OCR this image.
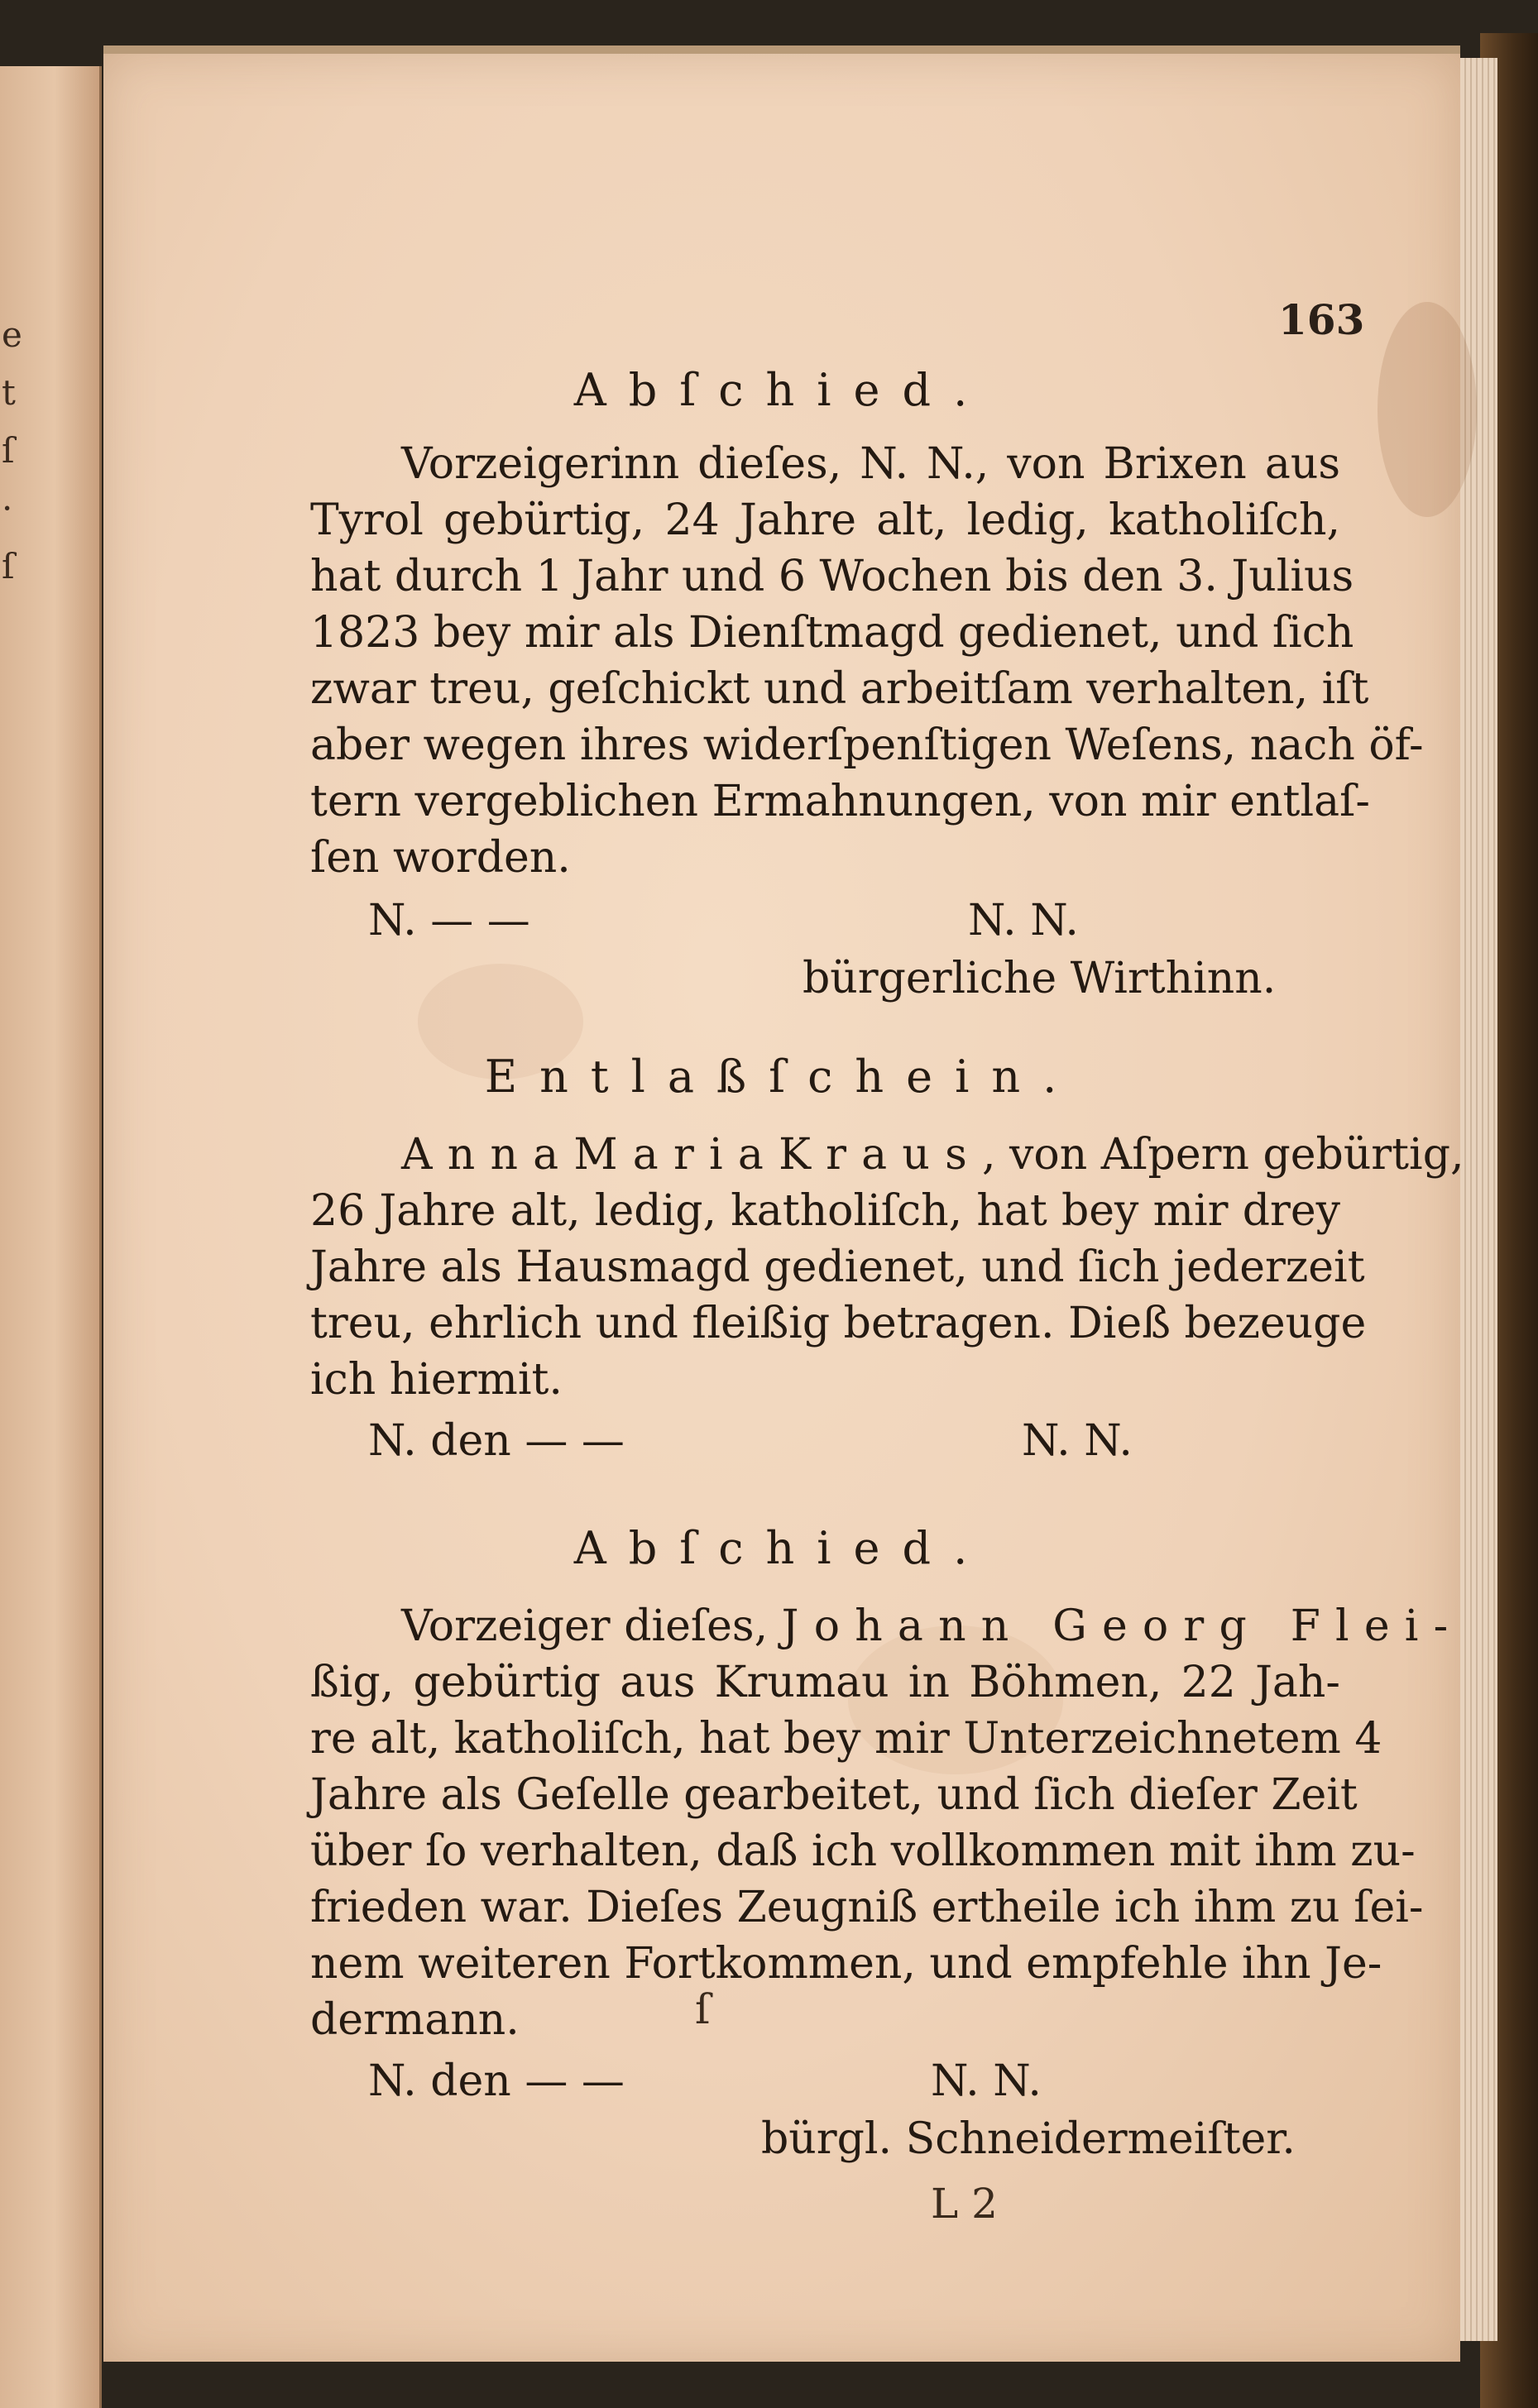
e
t
ſ
·
ſ
163
Abſchied.
Vorzeigerinn dieſes, N. N., von Brixen aus
Tyrol gebürtig, 24 Jahre alt, ledig, katholiſch,
hat durch 1 Jahr und 6 Wochen bis den 3. Julius
1823 bey mir als Dienſtmagd gedienet, und ſich
zwar treu, geſchickt und arbeitſam verhalten, iſt
aber wegen ihres widerſpenſtigen Weſens, nach öf-
tern vergeblichen Ermahnungen, von mir entlaſ-
ſen worden.
N. — —	N. N.
bürgerliche Wirthinn.
Entlaßſchein.
AnnaMariaKraus, von Aſpern gebürtig,
26 Jahre alt, ledig, katholiſch, hat bey mir drey
Jahre als Hausmagd gedienet, und ſich jederzeit
treu, ehrlich und fleißig betragen. Dieß bezeuge
ich hiermit.
N. den — —	N. N.
Abſchied.
Vorzeiger dieſes, Johann Georg Flei-
ßig, gebürtig aus Krumau in Böhmen, 22 Jah-
re alt, katholiſch, hat bey mir Unterzeichnetem 4
Jahre als Geſelle gearbeitet, und ſich dieſer Zeit
über ſo verhalten, daß ich vollkommen mit ihm zu-
frieden war. Dieſes Zeugniß ertheile ich ihm zu ſei-
nem weiteren Fortkommen, und empfehle ihn Je-
dermann.
N. den — —	N. N.
bürgl. Schneidermeiſter.
ſ
L 2
